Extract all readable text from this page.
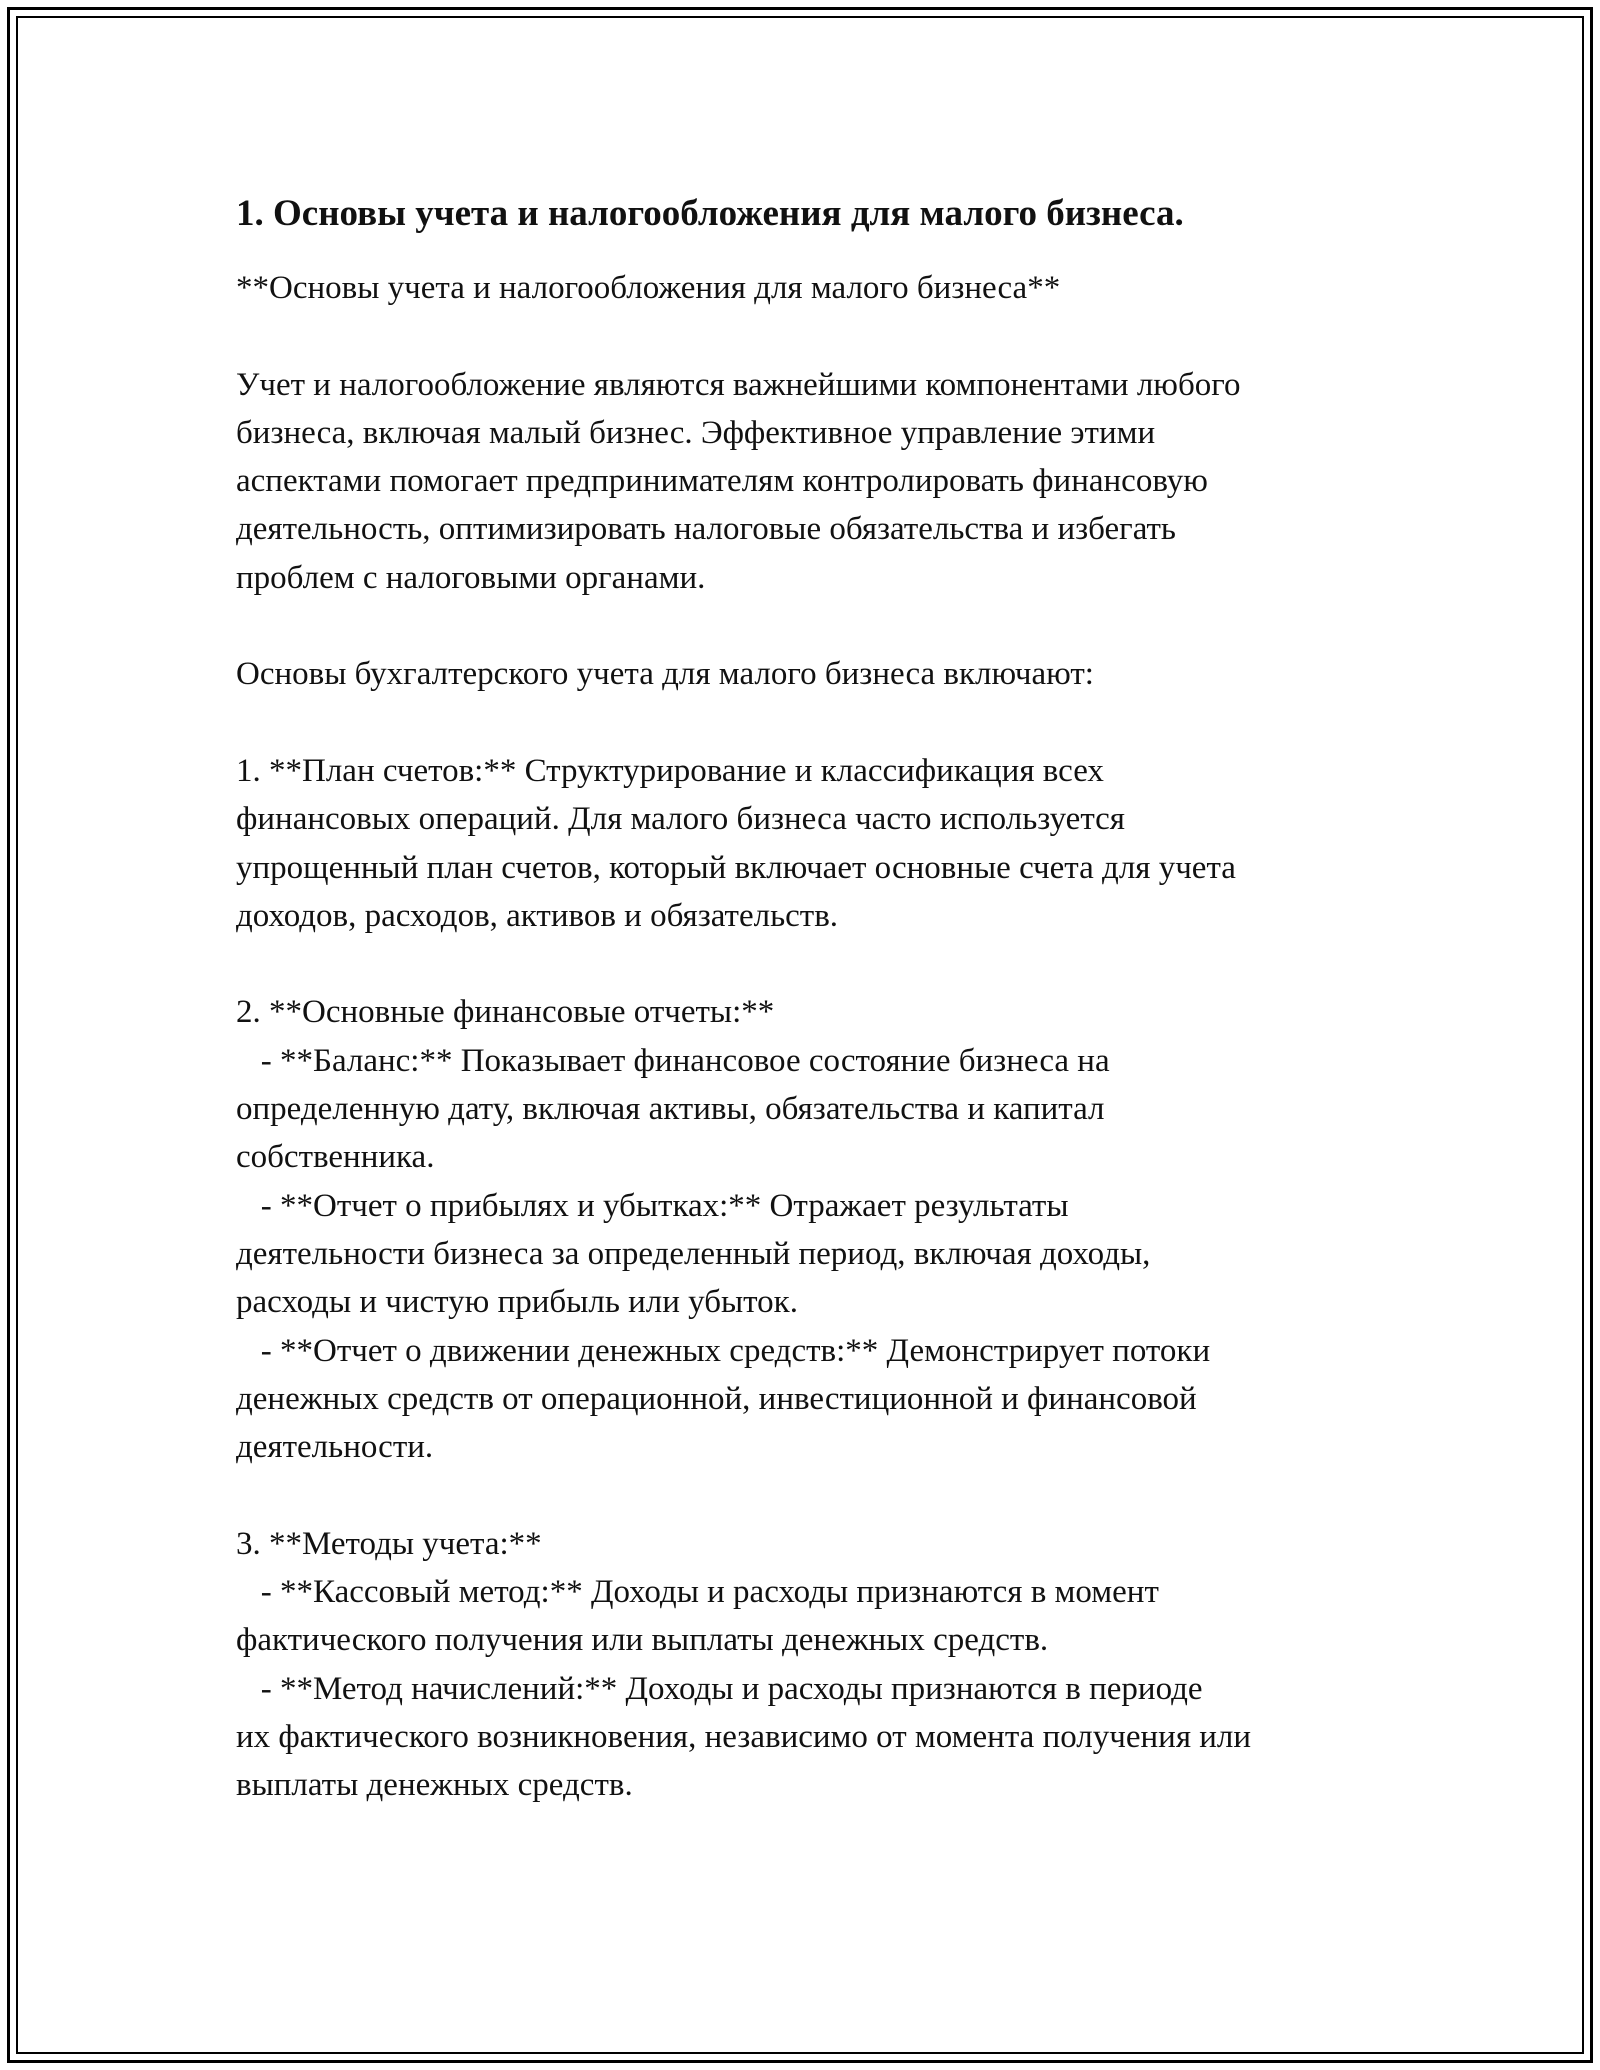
1. Основы учета и налогообложения для малого бизнеса.
**Основы учета и налогообложения для малого бизнеса**

Учет и налогообложение являются важнейшими компонентами любого
бизнеса, включая малый бизнес. Эффективное управление этими
аспектами помогает предпринимателям контролировать финансовую
деятельность, оптимизировать налоговые обязательства и избегать
проблем с налоговыми органами.

Основы бухгалтерского учета для малого бизнеса включают:

1. **План счетов:** Структурирование и классификация всех
финансовых операций. Для малого бизнеса часто используется
упрощенный план счетов, который включает основные счета для учета
доходов, расходов, активов и обязательств.

2. **Основные финансовые отчеты:**
- **Баланс:** Показывает финансовое состояние бизнеса на
определенную дату, включая активы, обязательства и капитал
собственника.
- **Отчет о прибылях и убытках:** Отражает результаты
деятельности бизнеса за определенный период, включая доходы,
расходы и чистую прибыль или убыток.
- **Отчет о движении денежных средств:** Демонстрирует потоки
денежных средств от операционной, инвестиционной и финансовой
деятельности.

3. **Методы учета:**
- **Кассовый метод:** Доходы и расходы признаются в момент
фактического получения или выплаты денежных средств.
- **Метод начислений:** Доходы и расходы признаются в периоде
их фактического возникновения, независимо от момента получения или
выплаты денежных средств.
